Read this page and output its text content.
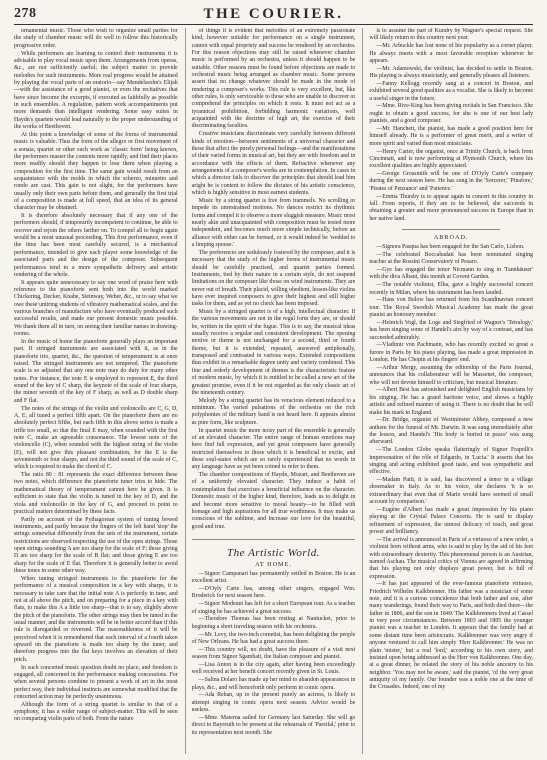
278	THE COURIER.

ornamental music. Those who wish to organize small parties for the study of chamber music will do well to follow this historically progressive order.

While performers are learning to control their instruments it is advisable to play vocal music upon them. Arrangements from operas, &c., are not sufficiently useful; the subject matter to provide melodies for such instruments. More real progress would be attained by playing the vocal parts of an oratorio—say Mendelssohn's Elijah—with the assistance of a good pianist, or even the recitatives that have since become the excerpts, if executed as faithfully as possible in such ensembles. A regulation, pattern work accompaniments put more demands than intelligent rendering. Some easy suites in Haydn's quartets would lead naturally to the proper understanding of the works of Beethoven.

At this point a knowledge of some of the forms of instrumental music is valuable. Thus the form of the allegro or first movement of a sonata, quartet or other such work as 'classic form' being known, the performers master the contents more rapidly, and find their places more readily should they happen to lose them when playing a composition for the first time. The same gain would result from an acquaintance with the molds in which the scherzo, minuetto and rondo are cast. This gain is not slight, for the performers have usually only their own parts before them, and generally the first trial of a composition is made at full speed, that an idea of its general character may be obtained.

It is therefore absolutely necessary that if any one of the performers should, if temporarily incompetent to continue, be able to recover and rejoin the others farther on. To compel all to begin again would be a most unusual proceeding. This first performance, even if the time has been most carefully secured, is a mechanical performance, intended to give each player some knowledge of the associated parts and the design of the composer. Subsequent performances tend to a more sympathetic delivery and artistic rendering of the whole.

It appears quite unnecessary to say one word of praise here with reference to the pianoforte sent both into the world marked Chickering, Decker, Knabe, Steinway, Weber, &c., or to say what we owe these untiring students of vibratory mathematical scales, and the various branches of manufacture who have eventually produced such successful results, and made our present domestic music possible. We thank them all in turn, on seeing their familiar names in drawing-rooms.

In the music of home the pianoforte generally plays an important part. If stringed instruments are associated with it, as in the pianoforte trio, quartet, &c., the question of temperament is at once raised. The stringed instruments are not tempered. The pianoforte scale is so adjusted that any one note may do duty for many other notes. For instance, the note E is employed to represent E, the third sound of the key of C sharp, the keynote of the scale of four sharps, the minor seventh of the key of F sharp, as well as D double sharp and F flat.

The notes of the strings of the violin and violoncello are C, G, D, A, E, all tuned a perfect fifth apart. On the pianoforte there are no absolutely perfect fifths, but each fifth in this above series is made a trifle too small, so that the final E may, when sounded with the first note C, make an agreeable consonance. The lowest note of the violoncello (C), when sounded with the highest string of the violin (E), will not give this pleasant combination, for the E is the seventeenth or four sharps, and not the third sound of the scale of C, which is required to make the chord of C.

The ratio 80 : 81 represents the exact difference between these two notes, which difference the pianoforte tuner tries to hide. The mathematical theory of temperament cannot here be given. It is sufficient to state that the violin is tuned in the key of D, and the viola and violoncello in the key of G, and proceed to point to practical matters determined by these facts.

Partly on account of the Pythagorean system of tuning bowed instruments, and partly because the fingers of the left hand 'stop' the strings somewhat differently from the sets of the instrument, certain restrictions are observed respecting the use of the open strings. Those open strings sounding A are too sharp for the scale of F; those giving D are too sharp for the scale of B flat; and those giving E are too sharp for the scale of E flat. Therefore it is generally better to avoid these tones in some other way.

When tuning stringed instruments to the pianoforte for the performance of a musical composition in a key with sharps, it is necessary to take care that the initial note A is perfectly in tune, and not at all above the pitch, and on preparing for a piece in a key with flats, to make this A a little too sharp—that is to say, slightly above the pitch of the pianoforte. The other strings may then be tuned in the usual manner, and the instruments will be in better accord than if this rule is disregarded or reversed. The reasonableness of it will be perceived when it is remembered that each interval of a fourth taken upward on the pianoforte is made too sharp by the tuner, and therefore progress into the flat keys involves an elevation of their pitch.

In such concerted music question doubt no place, and freedom is engaged, all concerned in the performance making concessions. For when several persons combine to present a work of art in the most perfect way, their individual instincts are somewhat modified that the concerted action may be perfectly unanimous.

Although the form of a string quartet is similar to that of a symphony, it has a wider range of subject-matter. This will be seen on comparing violin parts of both. From the nature

of things it is evident that melodies of an extremely passionate kind, however suitable for performance on a single instrument, cannot with equal propriety and success be rendered by an orchestra. For this reason objections may still be raised whenever chamber music is performed by an orchestra, unless it should happen to be suitable. Other reasons must be found before objections are made to orchestral music being arranged as chamber music. Some persons assert that no change whatever should be made in the mode of rendering a composer's works. This rule is very excellent, but, like other rules, is only serviceable to those who are unable to discover or comprehend the principles on which it rests. It must not act as a tyrannical prohibition, forbidding harmonic variations, well acquainted with the doctrine of high art, the exercise of their discriminating faculties.

Creative musicians discriminate very carefully between different kinds of emotion—between sentiments of a universal character and those that affect the purely personal feelings—and the manifestations of their varied forms in musical art, but they are with freedom and in accordance with the effects of them. Refractive whenever any arrangements of a composer's works are in contemplation. In cases in which a director fails to discover the principles that should lead him aright he is content to follow the dictates of his artistic conscience, which is highly sensitive in most earnest students.

Music by a string quartet is free from trammels. No scrolling or impede its unrestrained motions. No dances restrict its rhythmic forms and compel it to observe a more sluggish measure. Music most nearly akin and unacquainted with composition must be tested more independent, and becomes much more simple technically, before an alliance with either can be formed, or it would indeed be 'wedded to a limping spouse.'

The preferences are sedulously fostered by the composer, and it is necessary that the study of the higher forms of instrumental music should be carefully practised, and quartet parties formed. Instruments, tied by their nature in a certain style, do not suspend limitations on the composer like those on wind instruments. They are never out of breath. Their placid, willing obedient, lesson-like violins have ever inspired composers to give their highest and still higher tasks for them, and as yet no check has been imposed.

Music by a stringed quartet is of a high, intellectual character. If the various movements are not in the regal form they are, or should be, written in the spirit of the fugue. This is to say, the musical ideas usually receive a regular and consistent development. The opening motive or theme is not unchanged for a second, third or fourth theme, but it is extended, repeated, answered antiphonally, transposed and contrasted in various ways. Extended compositions thus exhibit in a remarkable degree unity and variety combined. This fine and orderly development of themes is the characteristic feature of modern music, by which it is entitled to be called a new art of the greatest promise, even if it be not regarded as the only classic art of the nineteenth century.

Melody by a string quartet has its veracious element reduced to a minimum. The varied pulsations of the orchestra on the rich polyphonies of the military band is not heard here. It appears almost as pure form, like sculpture.

In quartet music the more noisy part of the ensemble is generally of an elevated character. The entire range of human emotions may here find full expression, and yet great composers have generally restricted themselves to those which it is beneficial to excite, and these soul-states which are so rarely experienced that no words in any language have as yet been coined to refer to them.

The chamber compositions of Haydn, Mozart, and Beethoven are of a uniformly elevated character. They induce a habit of contemplation that exercises a beneficial influence on the character. Domestic music of the higher kind, therefore, leads us to delight in and become more sensitive to moral beauty—to be filled with homage and high aspirations for all true worthiness. It may make us conscious of the sublime, and increase our love for the beautiful, good and true.

The Artistic World.
AT HOME.

—Signor Campanari has permanently settled in Boston. He is an excellent artist.

—D'Oyly Carte has, among other singers, engaged Wm. Broderick for next season here.

—Signor Modenni has left for a short European tour. As a teacher of singing he has achieved a great success.

—Theodore Thomas has been resting at Nantucket, prior to beginning a short traveling season with his orchestra.

—Mr. Levy, the two-inch cornetist, has been delighting the people of New Orleans. He has had a great success there.

—This country will, no doubt, have the pleasure of a visit next season from Signor Sgambati, the Italian composer and pianist.

—Lisa Anton is in the city again, after having been exceedingly well received at her benefit concert recently given in St. Louis.

—Salina Dolaro has made up her mind to abandon appearances in plays, &c., and will henceforth only perform in comic opera.

—Ada Rehan, up to the present purely an actress, is likely to attempt singing in comic opera next season. Advice would be useless.

—Mme. Materna sailed for Germany last Saturday. She will go direct to Bayreuth to be present at the rehearsals of 'Parsifal,' prior to its representation next month. She

is to assume the part of Kundry by Wagner's special request. She will likely return to this country next year.

—Mr. Arbuckle has lost none of his popularity as a cornet player. He always meets with a most favorable reception whenever he appears.

—Mr. Adamowski, the violinist, has decided to settle in Boston. His playing is always musicianly, and generally pleases all listeners.

—Fanny Kellogg recently sang at a concert in Boston, and exhibited several good qualities as a vocalist. She is likely to become a useful singer in the future.

—Mme. Rive-King has been giving recitals in San Francisco. She ought to obtain a good success, for she is one of our best lady pianists, and a good composer.

—Mr. Hanchett, the pianist, has made a good position here for himself already. He is a performer of great merit, and a writer of more spirit and varied than most musicians.

—Henry Carter, the organist, once at Trinity Church, is back from Cincinnati, and is now performing at Plymouth Church, where his excellent qualities are highly appreciated.

—George Grossmith will be one of D'Oyly Carte's company during the next season here. He has sung in the 'Sorcerer,' 'Pinafore,' 'Pirates of Penzance' and 'Patience.'

—Emma Thursby is to appear again in concert in this country in fall. From reports, if they are to be believed, she succeeds in obtaining a greater and more pronounced success in Europe than in her native land.

ABROAD.

—Signora Pasqua has been engaged for the San Carlo, Lisbon.

—The celebrated Boccabadati has been nominated singing teacher at the Rossini Conservatory of Pesaro.

—Gye has engaged the tenor Nicmann to sing in 'Tannhäuser' with the diva Albani, this month at Covent Garden.

—The notable violinist, Elba, gave a highly successful concert recently in Milan, where his instrument has been lauded.

—Hans von Bulow has returned from his Scandinavian concert tour. The Royal Swedish Musical Academy has made the great pianist an honorary member.

—Heinrich Vogl, the Loge and Siegfried of Wagner's 'Tetralogy,' has been singing some of Handel's airs by way of a contrast, and has succeeded admirably.

—Vladimir von Pachmann, who has recently excited so great a furore in Paris by his piano playing, has made a great impression in London. He has Chopin at his fingers' end.

—Arthur Mergy, assuming the editorship of the Paris Journal, announces that his collaborateur will be Massenet, the composer, who will not devote himself to criticism, but musical literature.

—Albert Best has astonished and delighted English musicians by his singing. He has a grand baritone voice, and shows a highly artistic and refined manner of using it. There is no doubt that he will make his mark in England.

—Dr. Bridge, organist of Westminster Abbey, composed a new anthem for the funeral of Mr. Darwin. It was sung immediately after the lesson, and Handel's 'His body is buried in peace' was sung afterward.

—The London Globe speaks flatteringly of Signor Frapolli's impersonation of the rôle of Edgardo, in 'Lucia.' It asserts that his singing and acting exhibited good taste, and was sympathetic and effective.

—Madam Patti, it is said, has discovered a tenor in a village shoemaker in Italy. As to his voice, she declares 'it is so extraordinary that even that of Mario would have seemed of small account by comparison.'

—Eugène d'Albert has made a great impression by his piano playing at the Crystal Palace Concerts. He is said to display refinement of expression, the utmost delicacy of touch, and great power and brilliancy.

—The arrival is announced in Paris of a virtuoso of a new order, a violinist born without arms, who is said to play by the aid of his feet with extraordinary dexterity. This phenomenal person is an Austrian, named Aschau. The musical critics of Vienna are agreed in affirming that his playing not only displays great power, but is full of expression.

—It has just appeared of the ever-famous pianoforte virtuoso, Friedrich Wilhelm Kalkbrenner. His father was a musician of some note, and it is a curious coincidence that both father and son, after many wanderings, found their way to Paris, and both died there—the father in 1806, and the son in 1849. The Kalkbrenners lived at Cassel in very poor circumstances. Between 1803 and 1805 the younger pianist was a teacher in London. It appears that the family had at some distant time been aristocratic. Kalkbrenner was very angry if anyone ventured to call him simply 'Herr Kalkbrenner.' He was no plain 'mister,' but a real 'lord,' according to his own story, and insisted upon being addressed as the Herr von Kalkbrenner. One day, at a great dinner, he related the story of his noble ancestry to his neighbor. 'You may not be aware,' said the pianist, 'of the very great antiquity of my family. Our founder was a noble one at the time of the Crusades. Indeed, one of my
